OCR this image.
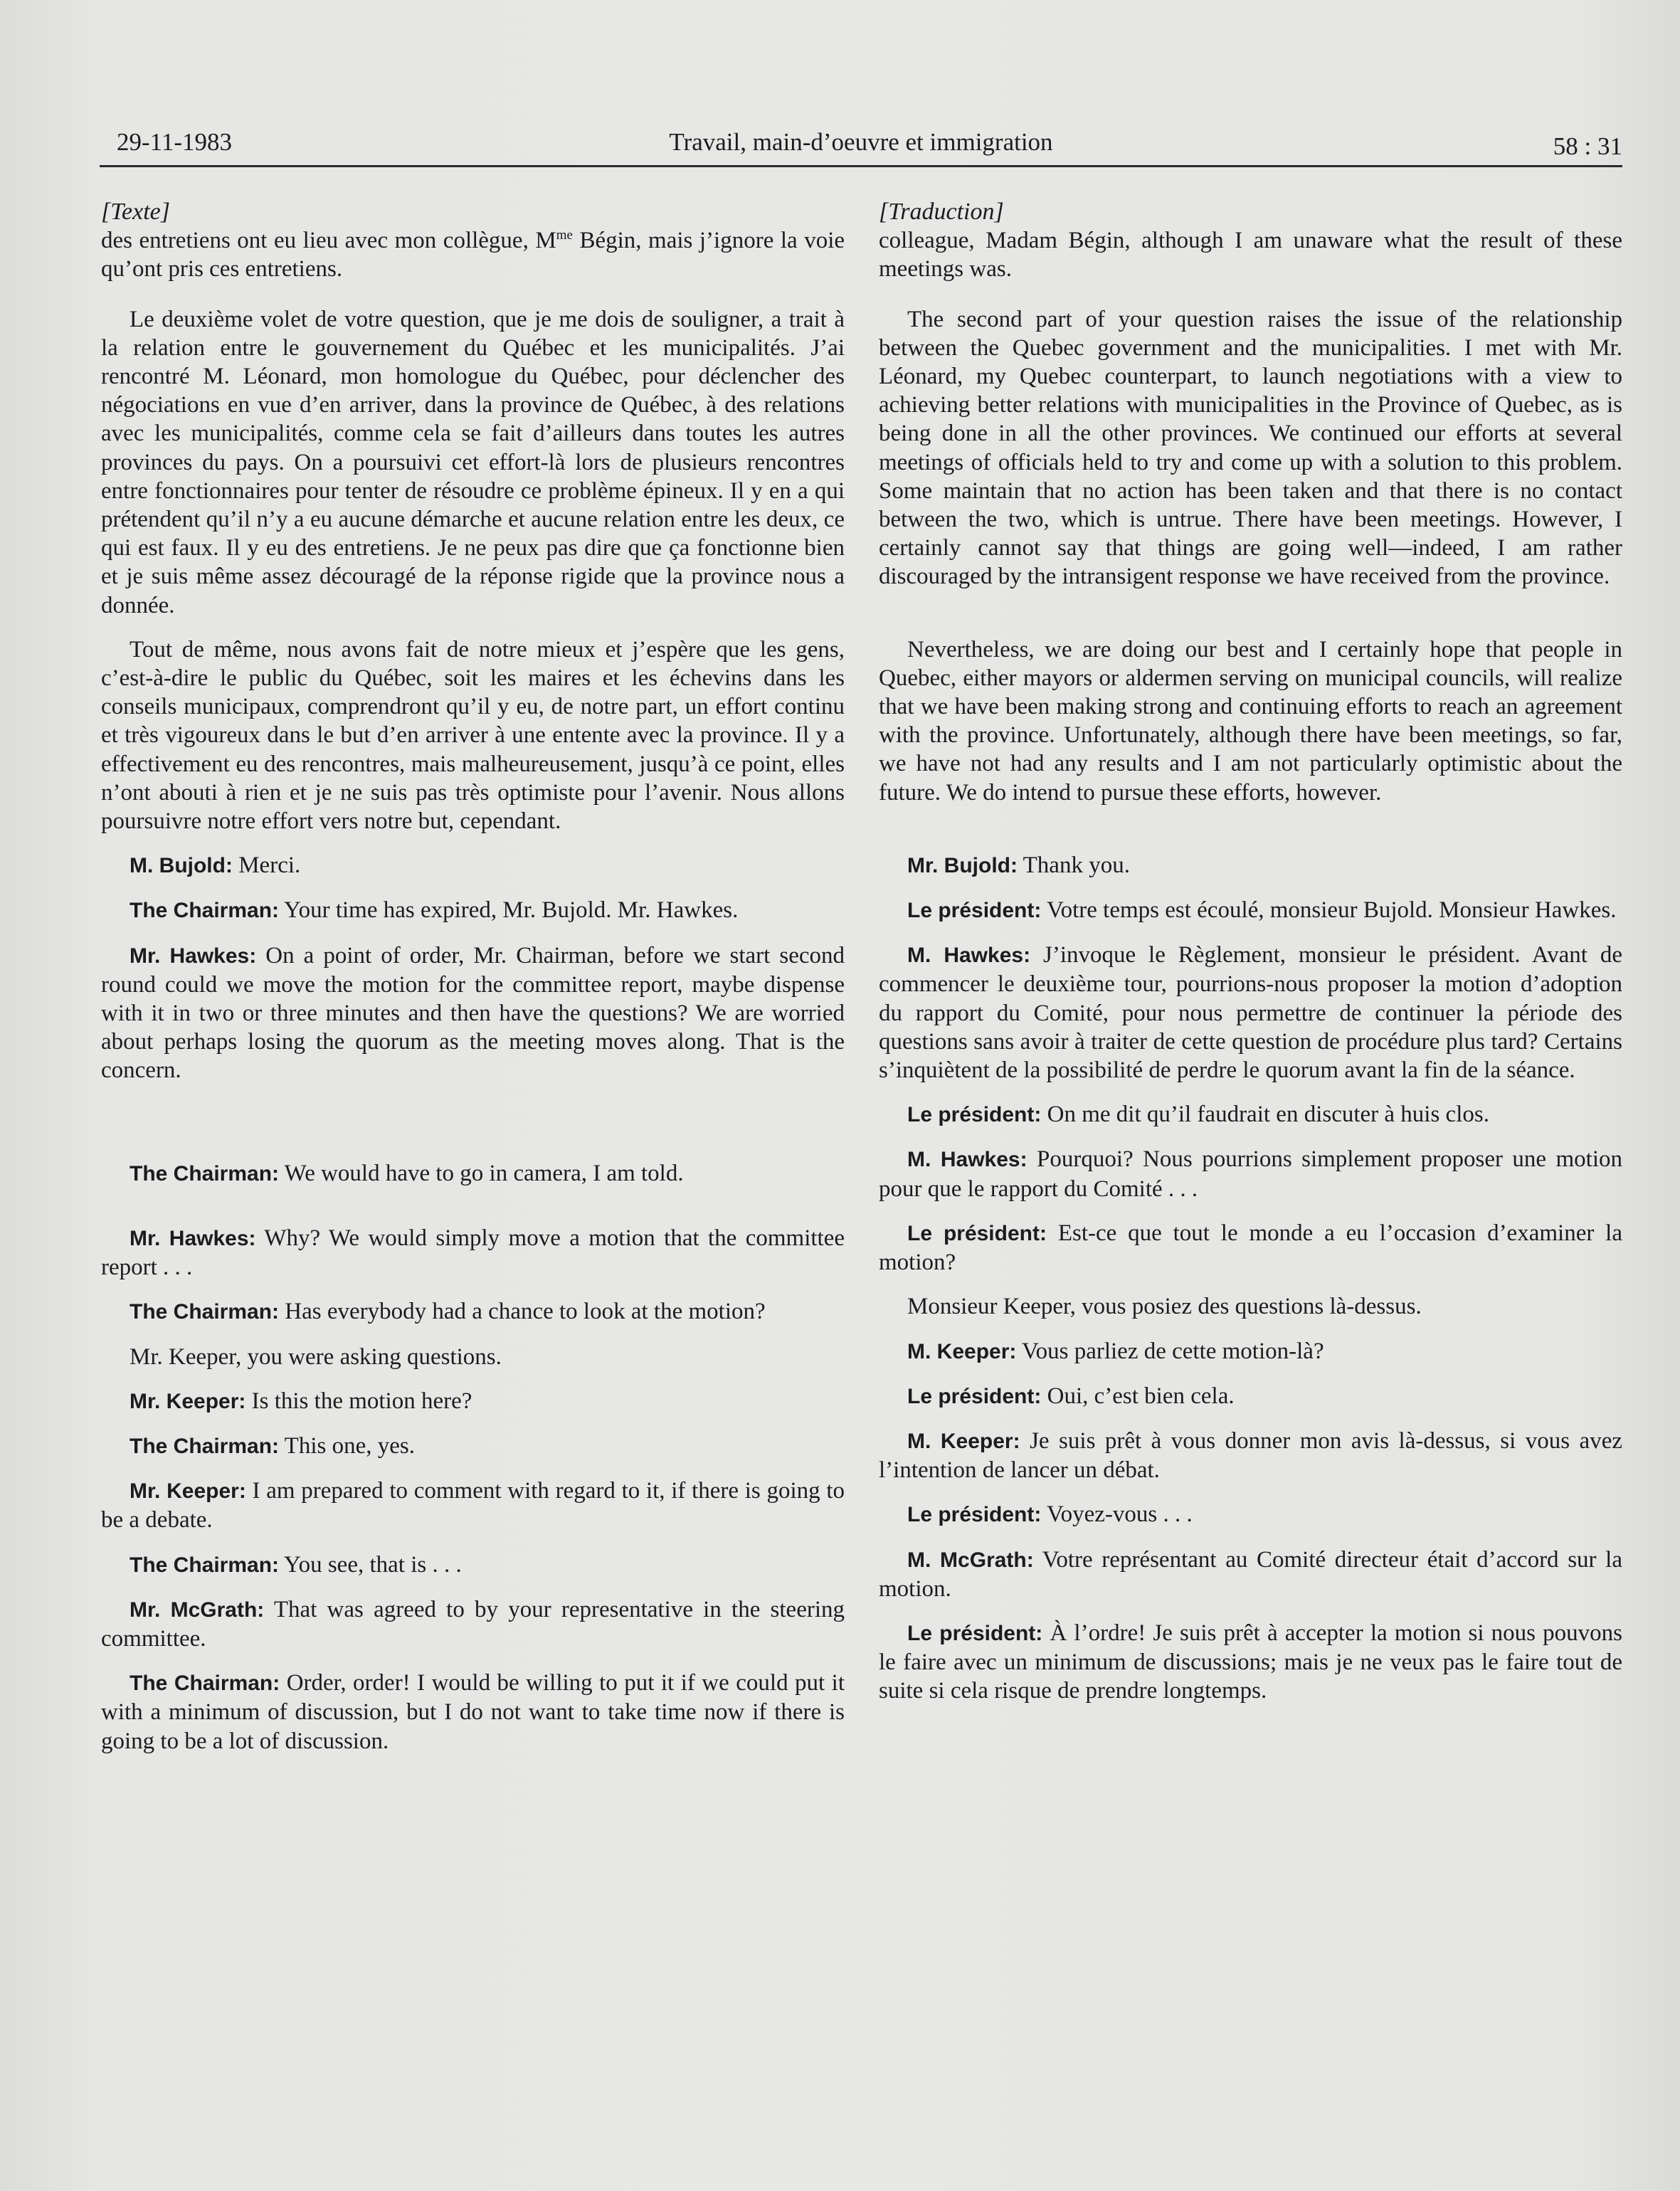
29-11-1983	Travail, main-d’oeuvre et immigration	58 : 31
[Texte]

des entretiens ont eu lieu avec mon collègue, $M^{me}$ Bégin, mais j’ignore la voie qu’ont pris ces entretiens.

Le deuxième volet de votre question, que je me dois de souligner, a trait à la relation entre le gouvernement du Québec et les municipalités. J’ai rencontré M. Léonard, mon homologue du Québec, pour déclencher des négociations en vue d’en arriver, dans la province de Québec, à des relations avec les municipalités, comme cela se fait d’ailleurs dans toutes les autres provinces du pays. On a poursuivi cet effort-là lors de plusieurs rencontres entre fonctionnaires pour tenter de résoudre ce problème épineux. Il y en a qui prétendent qu’il n’y a eu aucune démarche et aucune relation entre les deux, ce qui est faux. Il y eu des entretiens. Je ne peux pas dire que ça fonctionne bien et je suis même assez découragé de la réponse rigide que la province nous a donnée.

Tout de même, nous avons fait de notre mieux et j’espère que les gens, c’est-à-dire le public du Québec, soit les maires et les échevins dans les conseils municipaux, comprendront qu’il y eu, de notre part, un effort continu et très vigoureux dans le but d’en arriver à une entente avec la province. Il y a effectivement eu des rencontres, mais malheureusement, jusqu’à ce point, elles n’ont abouti à rien et je ne suis pas très optimiste pour l’avenir. Nous allons poursuivre notre effort vers notre but, cependant.

M. Bujold: Merci.

The Chairman: Your time has expired, Mr. Bujold. Mr. Hawkes.

Mr. Hawkes: On a point of order, Mr. Chairman, before we start second round could we move the motion for the committee report, maybe dispense with it in two or three minutes and then have the questions? We are worried about perhaps losing the quorum as the meeting moves along. That is the concern.

The Chairman: We would have to go in camera, I am told.

Mr. Hawkes: Why? We would simply move a motion that the committee report . . .

The Chairman: Has everybody had a chance to look at the motion?

Mr. Keeper, you were asking questions.

Mr. Keeper: Is this the motion here?

The Chairman: This one, yes.

Mr. Keeper: I am prepared to comment with regard to it, if there is going to be a debate.

The Chairman: You see, that is . . .

Mr. McGrath: That was agreed to by your representative in the steering committee.

The Chairman: Order, order! I would be willing to put it if we could put it with a minimum of discussion, but I do not want to take time now if there is going to be a lot of discussion.

[Traduction]

colleague, Madam Bégin, although I am unaware what the result of these meetings was.

The second part of your question raises the issue of the relationship between the Quebec government and the municipalities. I met with Mr. Léonard, my Quebec counterpart, to launch negotiations with a view to achieving better relations with municipalities in the Province of Quebec, as is being done in all the other provinces. We continued our efforts at several meetings of officials held to try and come up with a solution to this problem. Some maintain that no action has been taken and that there is no contact between the two, which is untrue. There have been meetings. However, I certainly cannot say that things are going well—indeed, I am rather discouraged by the intransigent response we have received from the province.

Nevertheless, we are doing our best and I certainly hope that people in Quebec, either mayors or aldermen serving on municipal councils, will realize that we have been making strong and continuing efforts to reach an agreement with the province. Unfortunately, although there have been meetings, so far, we have not had any results and I am not particularly optimistic about the future. We do intend to pursue these efforts, however.

Mr. Bujold: Thank you.

Le président: Votre temps est écoulé, monsieur Bujold. Monsieur Hawkes.

M. Hawkes: J’invoque le Règlement, monsieur le président. Avant de commencer le deuxième tour, pourrions-nous proposer la motion d’adoption du rapport du Comité, pour nous permettre de continuer la période des questions sans avoir à traiter de cette question de procédure plus tard? Certains s’inquiètent de la possibilité de perdre le quorum avant la fin de la séance.

Le président: On me dit qu’il faudrait en discuter à huis clos.

M. Hawkes: Pourquoi? Nous pourrions simplement proposer une motion pour que le rapport du Comité . . .

Le président: Est-ce que tout le monde a eu l’occasion d’examiner la motion?

Monsieur Keeper, vous posiez des questions là-dessus.

M. Keeper: Vous parliez de cette motion-là?

Le président: Oui, c’est bien cela.

M. Keeper: Je suis prêt à vous donner mon avis là-dessus, si vous avez l’intention de lancer un débat.

Le président: Voyez-vous . . .

M. McGrath: Votre représentant au Comité directeur était d’accord sur la motion.

Le président: À l’ordre! Je suis prêt à accepter la motion si nous pouvons le faire avec un minimum de discussions; mais je ne veux pas le faire tout de suite si cela risque de prendre longtemps.
